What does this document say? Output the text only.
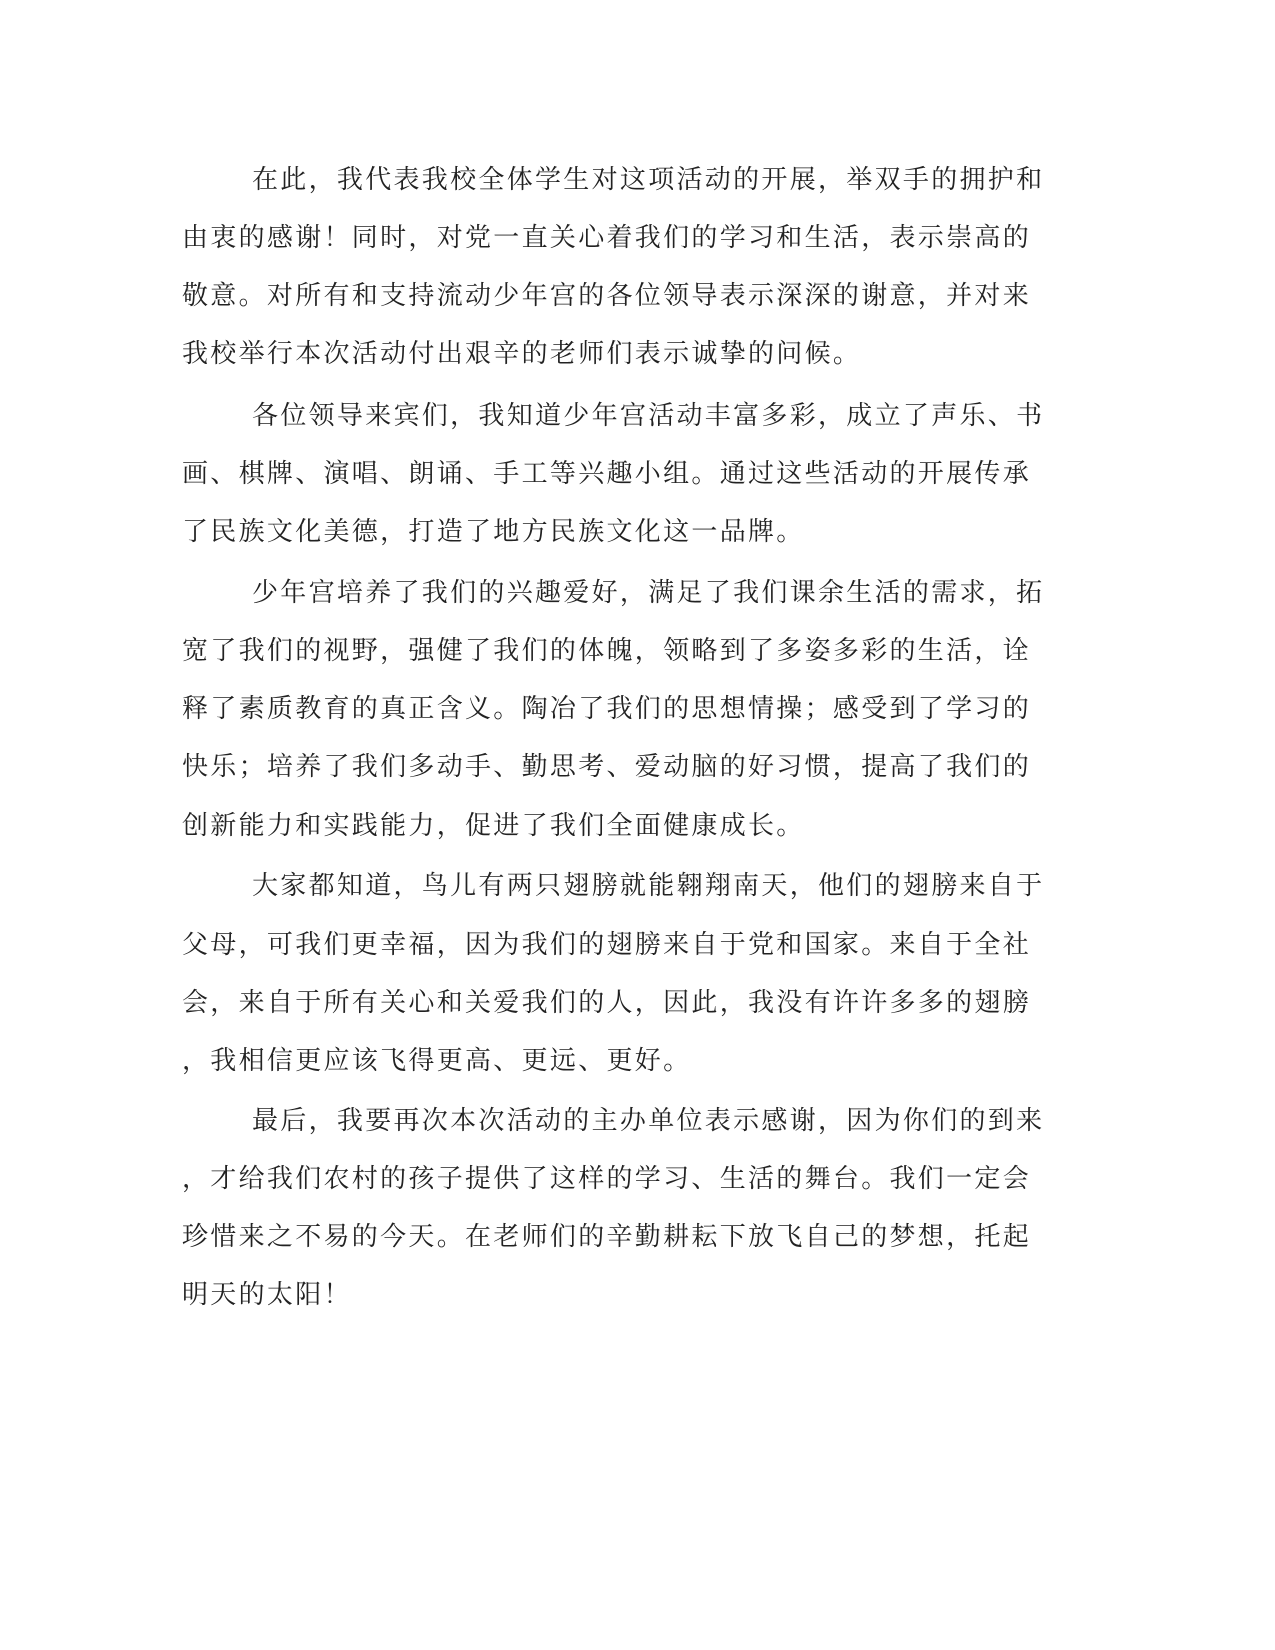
在此，我代表我校全体学生对这项活动的开展，举双手的拥护和
由衷的感谢！同时，对党一直关心着我们的学习和生活，表示崇高的
敬意。对所有和支持流动少年宫的各位领导表示深深的谢意，并对来
我校举行本次活动付出艰辛的老师们表示诚挚的问候。
各位领导来宾们，我知道少年宫活动丰富多彩，成立了声乐、书
画、棋牌、演唱、朗诵、手工等兴趣小组。通过这些活动的开展传承
了民族文化美德，打造了地方民族文化这一品牌。
少年宫培养了我们的兴趣爱好，满足了我们课余生活的需求，拓
宽了我们的视野，强健了我们的体魄，领略到了多姿多彩的生活，诠
释了素质教育的真正含义。陶冶了我们的思想情操；感受到了学习的
快乐；培养了我们多动手、勤思考、爱动脑的好习惯，提高了我们的
创新能力和实践能力，促进了我们全面健康成长。
大家都知道，鸟儿有两只翅膀就能翱翔南天，他们的翅膀来自于
父母，可我们更幸福，因为我们的翅膀来自于党和国家。来自于全社
会，来自于所有关心和关爱我们的人，因此，我没有许许多多的翅膀
，我相信更应该飞得更高、更远、更好。
最后，我要再次本次活动的主办单位表示感谢，因为你们的到来
，才给我们农村的孩子提供了这样的学习、生活的舞台。我们一定会
珍惜来之不易的今天。在老师们的辛勤耕耘下放飞自己的梦想，托起
明天的太阳！
